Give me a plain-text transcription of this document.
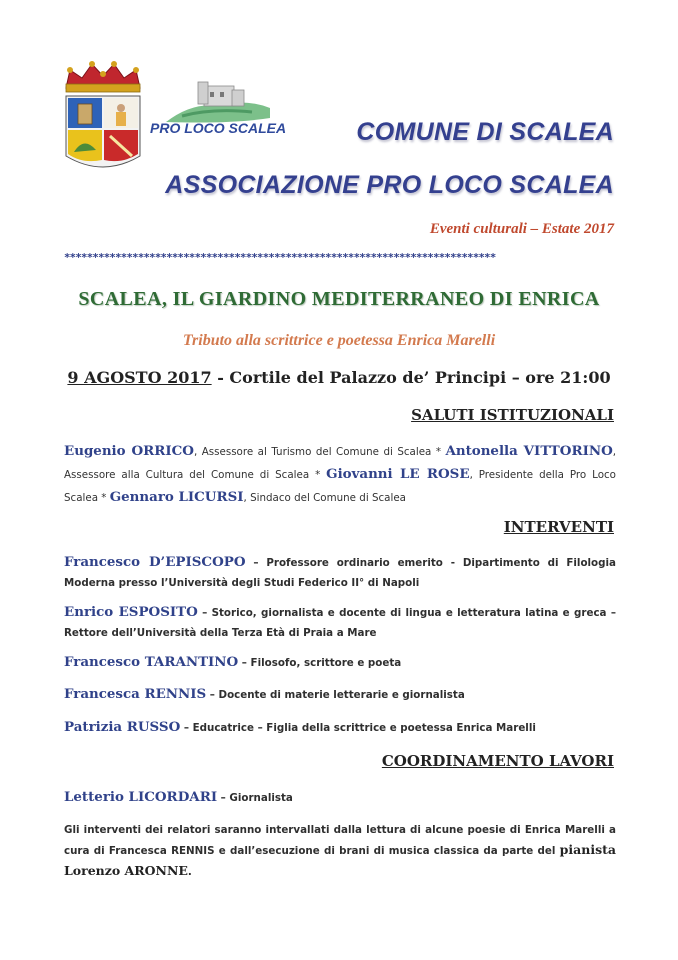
PRO LOCO SCALEA	COMUNE DI SCALEA
ASSOCIAZIONE PRO LOCO SCALEA
Eventi culturali – Estate 2017
****************************************************************************
SCALEA, IL GIARDINO MEDITERRANEO DI ENRICA
Tributo alla scrittrice e poetessa Enrica Marelli
9 AGOSTO 2017 - Cortile del Palazzo de’ Principi – ore 21:00
SALUTI ISTITUZIONALI
Eugenio ORRICO, Assessore al Turismo del Comune di Scalea * Antonella VITTORINO, Assessore alla Cultura del Comune di Scalea * Giovanni LE ROSE, Presidente della Pro Loco Scalea * Gennaro LICURSI, Sindaco del Comune di Scalea
INTERVENTI
Francesco D’EPISCOPO – Professore ordinario emerito - Dipartimento di Filologia Moderna presso l’Università degli Studi Federico II° di Napoli
Enrico ESPOSITO – Storico, giornalista e docente di lingua e letteratura latina e greca – Rettore dell’Università della Terza Età di Praia a Mare
Francesco TARANTINO – Filosofo, scrittore e poeta
Francesca RENNIS – Docente di materie letterarie e giornalista
Patrizia RUSSO – Educatrice – Figlia della scrittrice e poetessa Enrica Marelli
COORDINAMENTO LAVORI
Letterio LICORDARI – Giornalista
Gli interventi dei relatori saranno intervallati dalla lettura di alcune poesie di Enrica Marelli a cura di Francesca RENNIS e dall’esecuzione di brani di musica classica da parte del pianista Lorenzo ARONNE.
